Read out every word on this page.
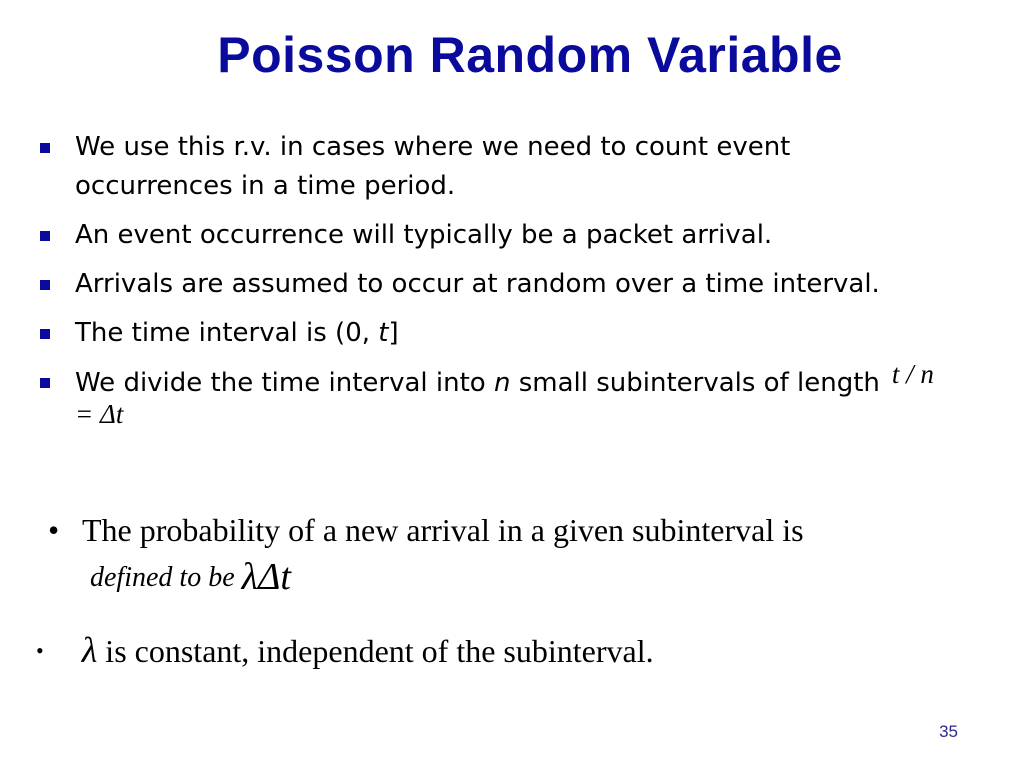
Poisson Random Variable
We use this r.v. in cases where we need to count event occurrences in a time period.
An event occurrence will typically be a packet arrival.
Arrivals are assumed to occur at random over a time interval.
The time interval is (0, t]
We divide the time interval into n small subintervals of length t / n = Δt
• The probability of a new arrival in a given subinterval is
defined to be λΔt
• λ is constant, independent of the subinterval.
35
